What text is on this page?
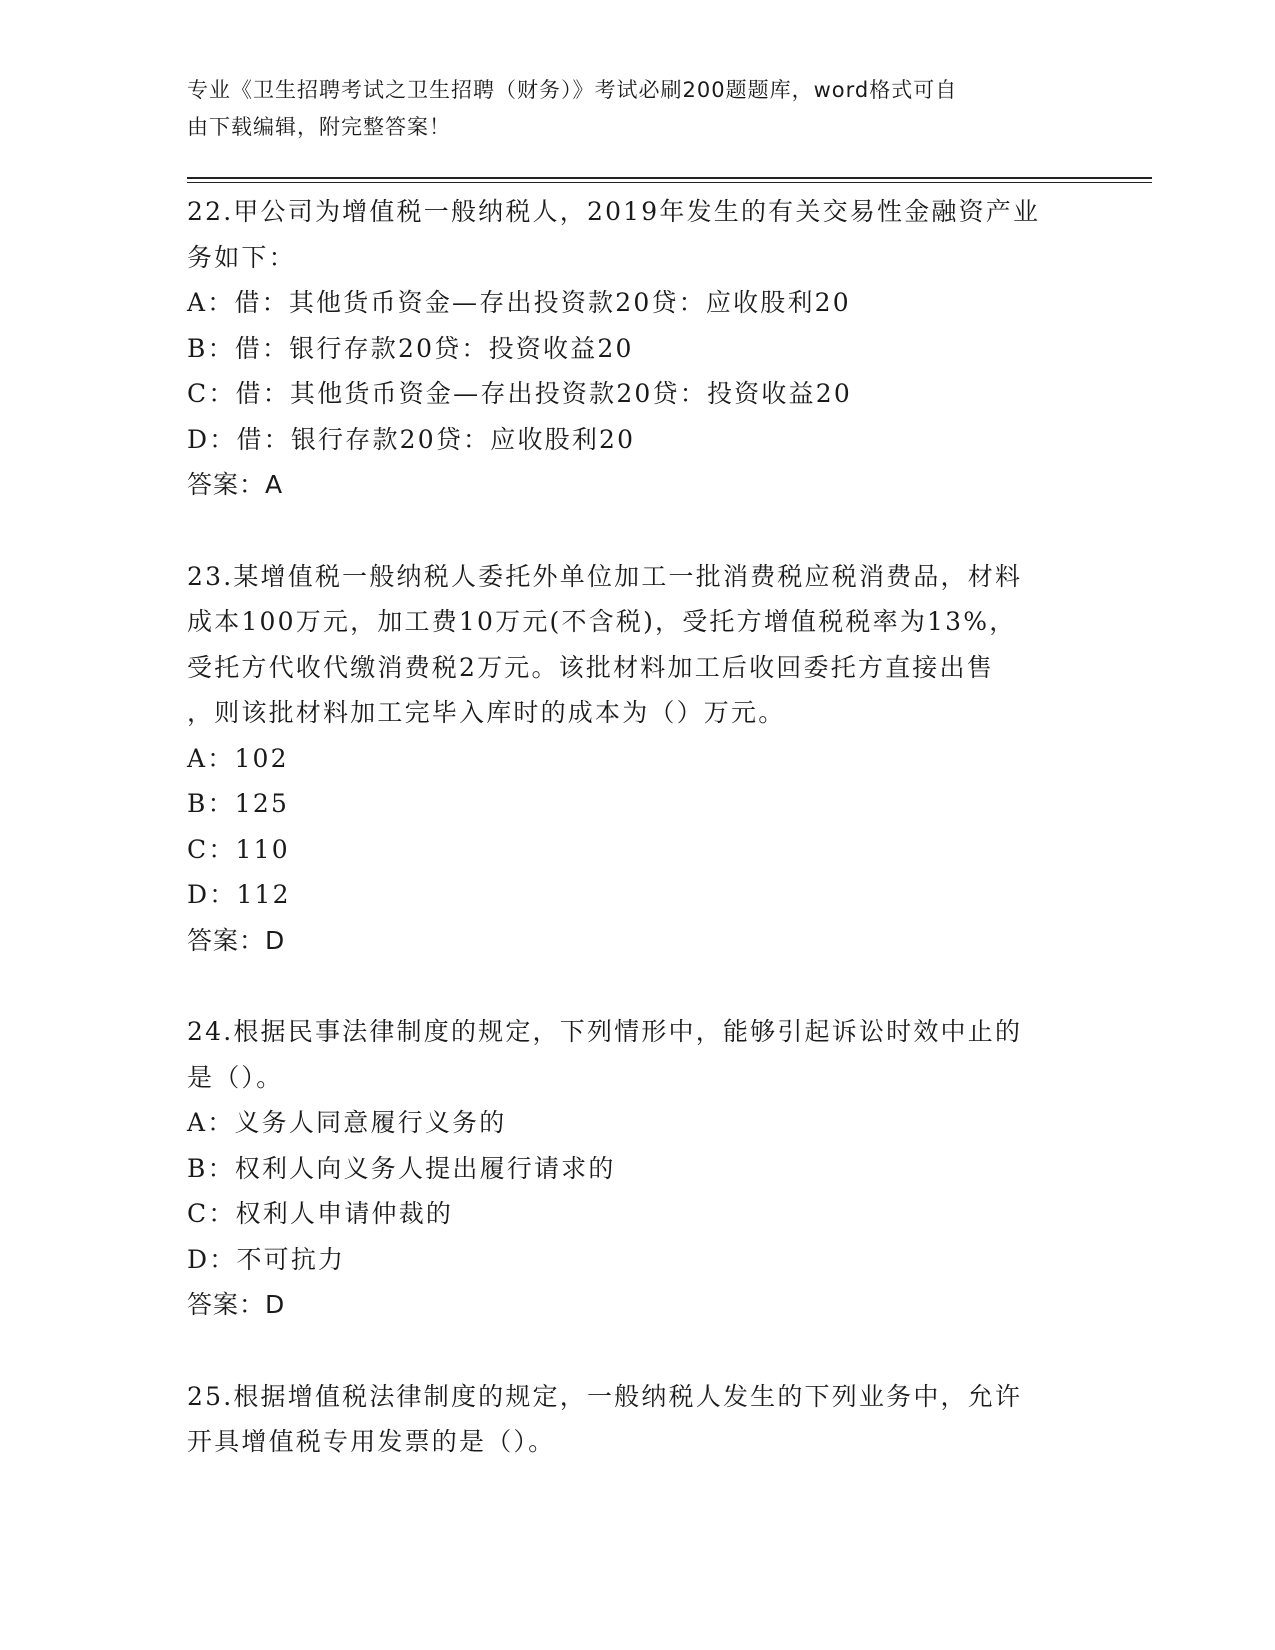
专业《卫生招聘考试之卫生招聘（财务）》考试必刷200题题库，word格式可自
由下载编辑，附完整答案！

22.甲公司为增值税一般纳税人，2019年发生的有关交易性金融资产业

务如下：

A：借：其他货币资金—存出投资款20贷：应收股利20

B：借：银行存款20贷：投资收益20

C：借：其他货币资金—存出投资款20贷：投资收益20

D：借：银行存款20贷：应收股利20

答案：A

23.某增值税一般纳税人委托外单位加工一批消费税应税消费品，材料

成本100万元，加工费10万元(不含税)，受托方增值税税率为13%，

受托方代收代缴消费税2万元。该批材料加工后收回委托方直接出售

，则该批材料加工完毕入库时的成本为（）万元。

A：102

B：125

C：110

D：112

答案：D

24.根据民事法律制度的规定，下列情形中，能够引起诉讼时效中止的

是（）。

A：义务人同意履行义务的

B：权利人向义务人提出履行请求的

C：权利人申请仲裁的

D：不可抗力

答案：D

25.根据增值税法律制度的规定，一般纳税人发生的下列业务中，允许

开具增值税专用发票的是（）。
